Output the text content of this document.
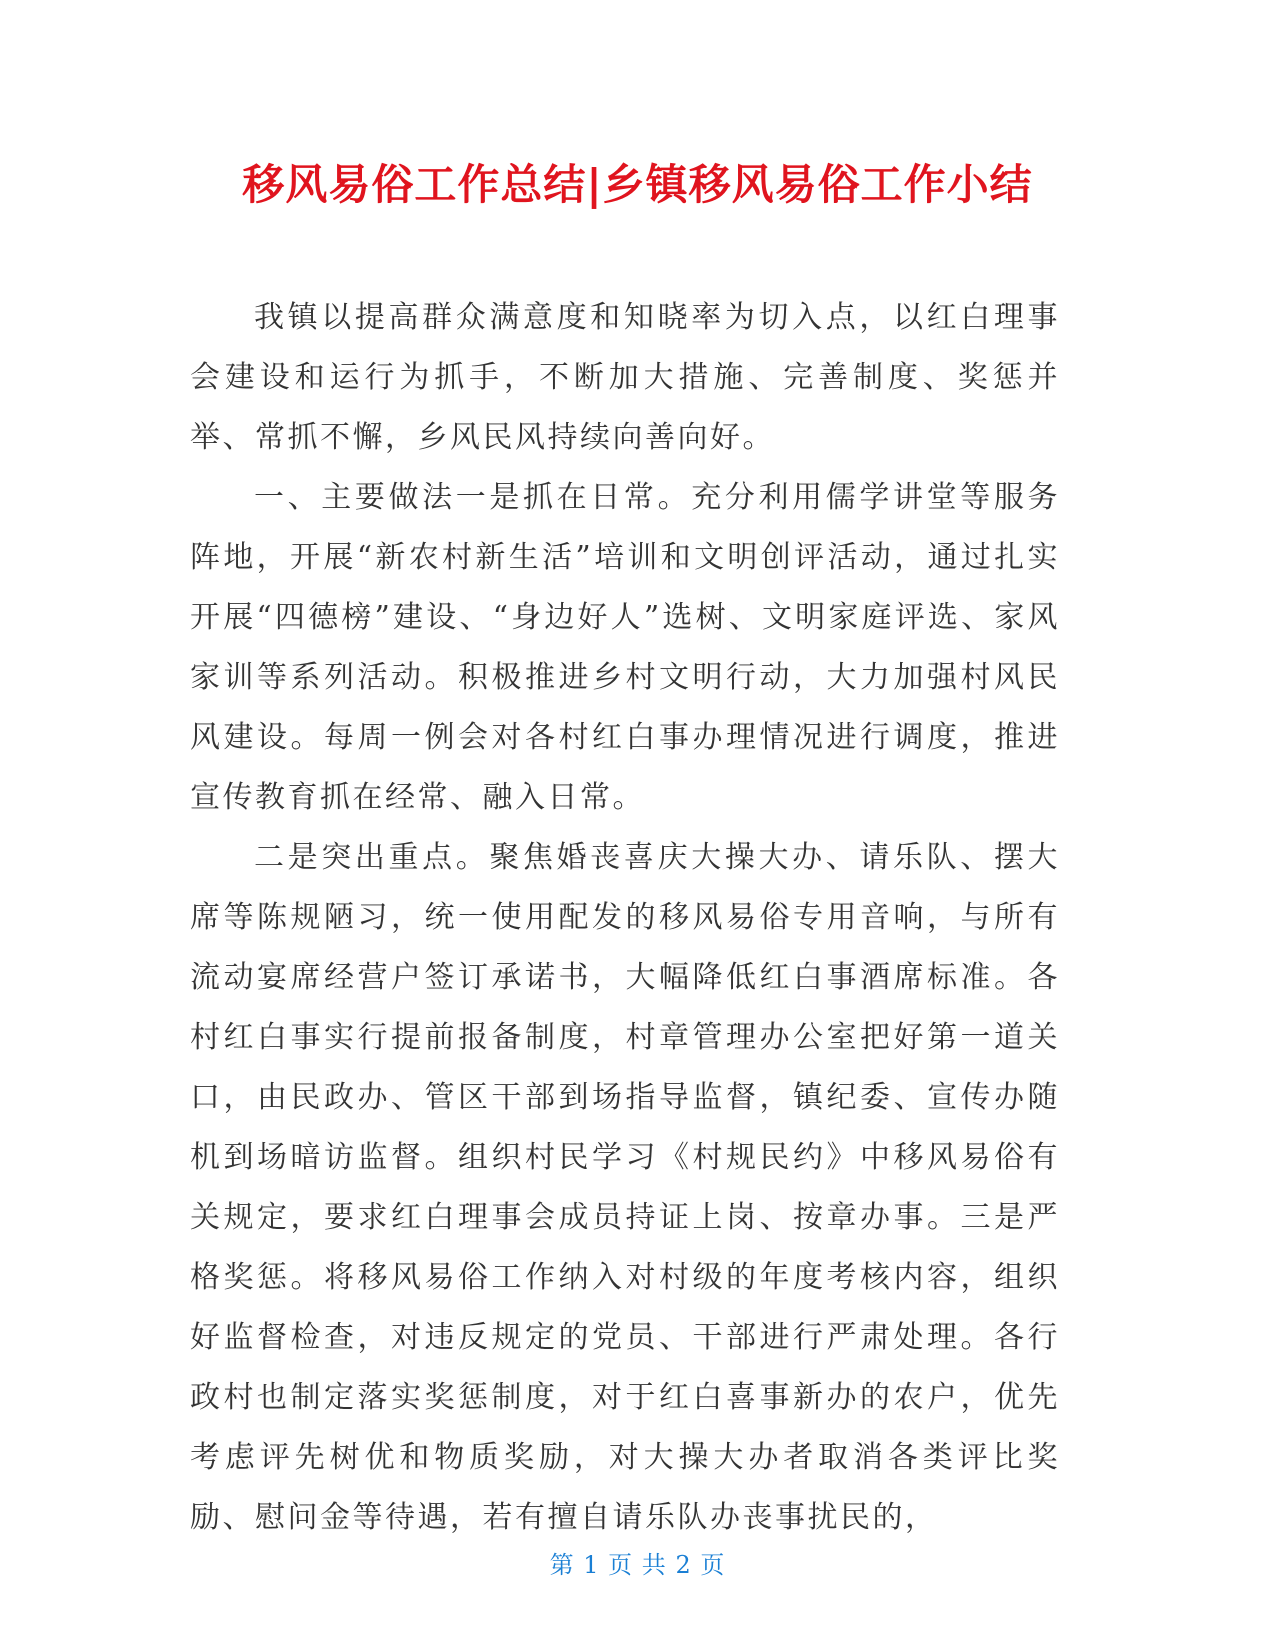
移风易俗工作总结|乡镇移风易俗工作小结

我镇以提高群众满意度和知晓率为切入点，以红白理事会建设和运行为抓手，不断加大措施、完善制度、奖惩并举、常抓不懈，乡风民风持续向善向好。

一、主要做法一是抓在日常。充分利用儒学讲堂等服务阵地，开展“新农村新生活”培训和文明创评活动，通过扎实开展“四德榜”建设、“身边好人”选树、文明家庭评选、家风家训等系列活动。积极推进乡村文明行动，大力加强村风民风建设。每周一例会对各村红白事办理情况进行调度，推进宣传教育抓在经常、融入日常。

二是突出重点。聚焦婚丧喜庆大操大办、请乐队、摆大席等陈规陋习，统一使用配发的移风易俗专用音响，与所有流动宴席经营户签订承诺书，大幅降低红白事酒席标准。各村红白事实行提前报备制度，村章管理办公室把好第一道关口，由民政办、管区干部到场指导监督，镇纪委、宣传办随机到场暗访监督。组织村民学习《村规民约》中移风易俗有关规定，要求红白理事会成员持证上岗、按章办事。三是严格奖惩。将移风易俗工作纳入对村级的年度考核内容，组织好监督检查，对违反规定的党员、干部进行严肃处理。各行政村也制定落实奖惩制度，对于红白喜事新办的农户，优先考虑评先树优和物质奖励，对大操大办者取消各类评比奖励、慰问金等待遇，若有擅自请乐队办丧事扰民的，

第 1 页 共 2 页
